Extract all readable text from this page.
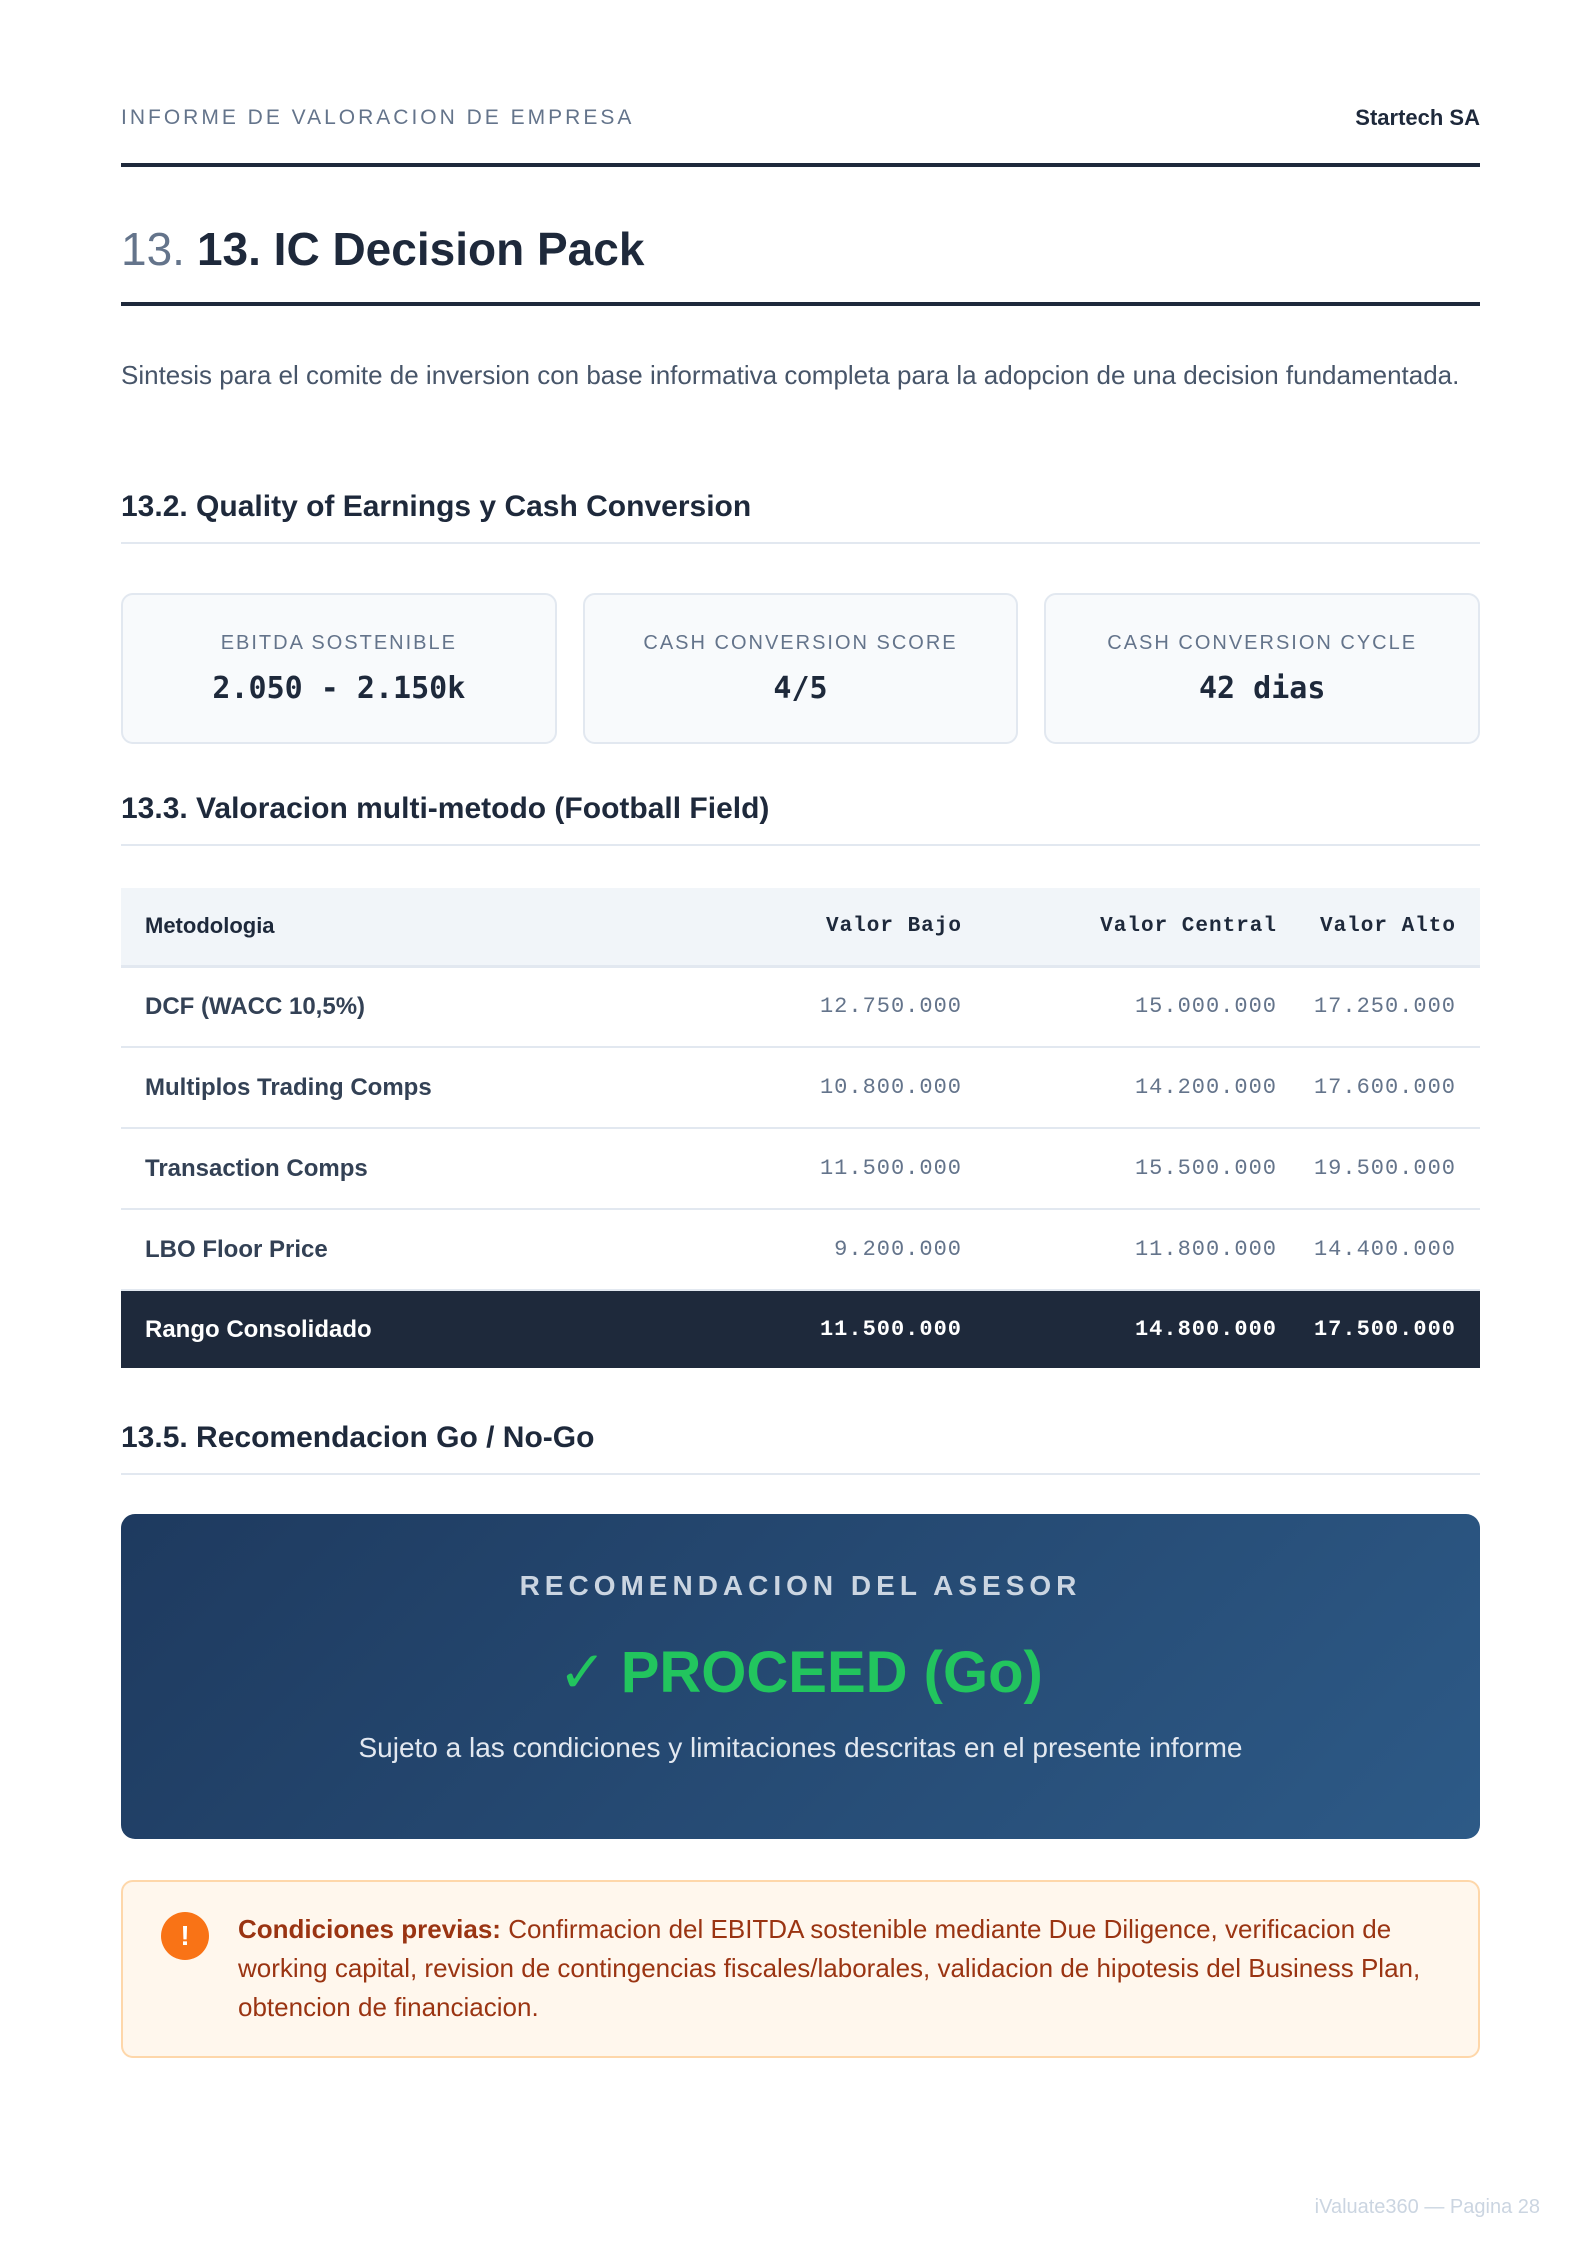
INFORME DE VALORACION DE EMPRESA	Startech SA
13. 13. IC Decision Pack

Sintesis para el comite de inversion con base informativa completa para la adopcion de una decision fundamentada.

13.2. Quality of Earnings y Cash Conversion
EBITDA SOSTENIBLE
2.050 - 2.150k
CASH CONVERSION SCORE
4/5
CASH CONVERSION CYCLE
42 dias
13.3. Valoracion multi-metodo (Football Field)
Metodologia	Valor Bajo	Valor Central	Valor Alto
DCF (WACC 10,5%)	12.750.000	15.000.000	17.250.000
Multiplos Trading Comps	10.800.000	14.200.000	17.600.000
Transaction Comps	11.500.000	15.500.000	19.500.000
LBO Floor Price	9.200.000	11.800.000	14.400.000
Rango Consolidado	11.500.000	14.800.000	17.500.000
13.5. Recomendacion Go / No-Go
RECOMENDACION DEL ASESOR
✓ PROCEED (Go)
Sujeto a las condiciones y limitaciones descritas en el presente informe
!	Condiciones previas: Confirmacion del EBITDA sostenible mediante Due Diligence, verificacion de working capital, revision de contingencias fiscales/laborales, validacion de hipotesis del Business Plan, obtencion de financiacion.

iValuate360 — Pagina 28
